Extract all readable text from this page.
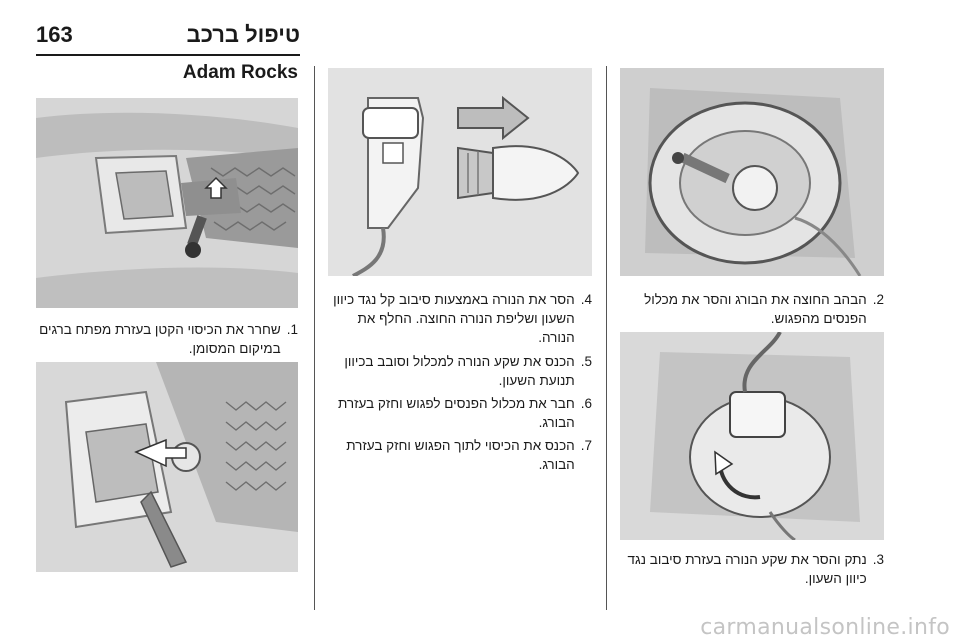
163	טיפול ברכב
Adam Rocks
1.
שחרר את הכיסוי הקטן בעזרת מפתח ברגים במיקום המסומן.
4.
הסר את הנורה באמצעות סיבוב קל נגד כיוון השעון ושליפת הנורה החוצה. החלף את הנורה.
5.
הכנס את שקע הנורה למכלול וסובב בכיוון תנועת השעון.
6.
חבר את מכלול הפנסים לפגוש וחזק בעזרת הבורג.
7.
הכנס את הכיסוי לתוך הפגוש וחזק בעזרת הבורג.
2.
הבהב החוצה את הבורג והסר את מכלול הפנסים מהפגוש.
3.
נתק והסר את שקע הנורה בעזרת סיבוב נגד כיוון השעון.
carmanualsonline.info
